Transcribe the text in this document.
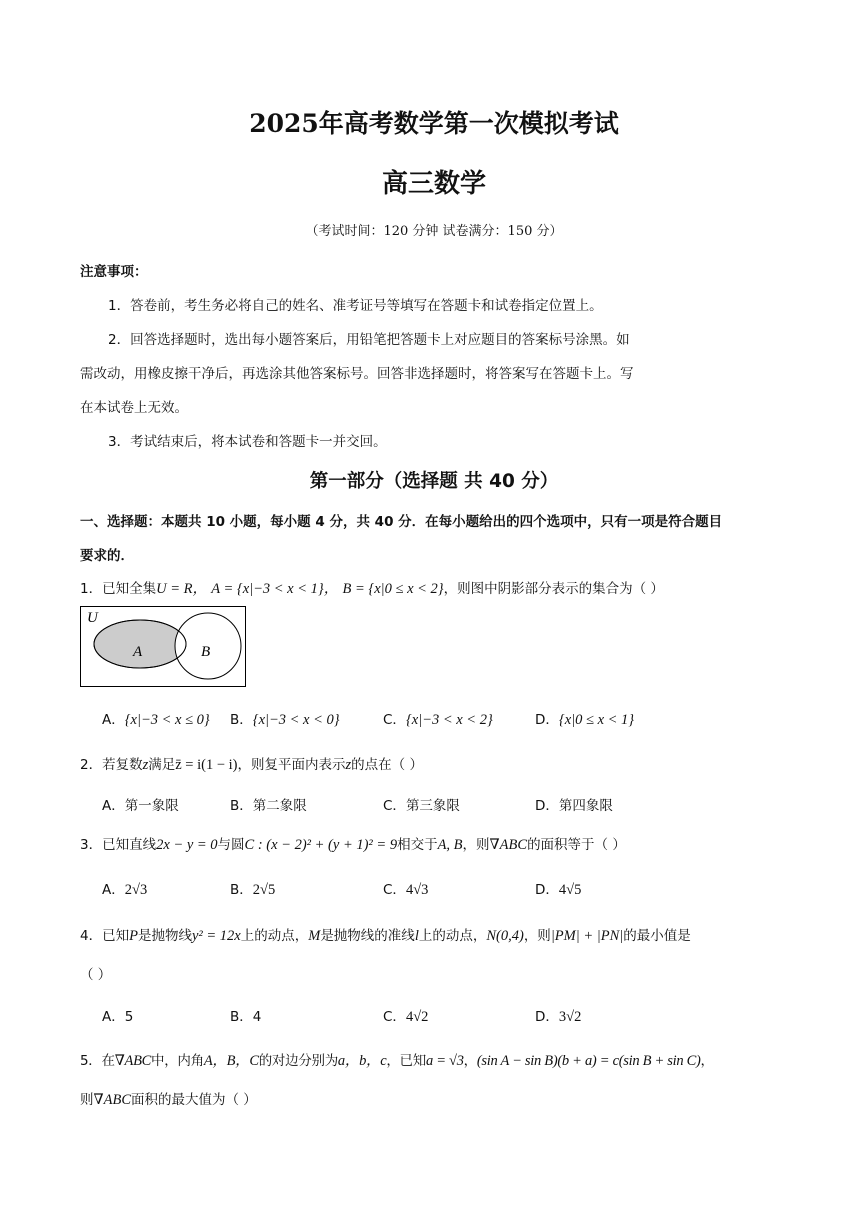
2025年高考数学第一次模拟考试
高三数学
（考试时间：120 分钟 试卷满分：150 分）
注意事项：
1．答卷前，考生务必将自己的姓名、准考证号等填写在答题卡和试卷指定位置上。
2．回答选择题时，选出每小题答案后，用铅笔把答题卡上对应题目的答案标号涂黑。如
需改动，用橡皮擦干净后，再选涂其他答案标号。回答非选择题时，将答案写在答题卡上。写
在本试卷上无效。
3．考试结束后，将本试卷和答题卡一并交回。
第一部分（选择题 共 40 分）
一、选择题：本题共 10 小题，每小题 4 分，共 40 分．在每小题给出的四个选项中，只有一项是符合题目
要求的．
1．已知全集U = R， A = {x|−3 < x < 1}， B = {x|0 ≤ x < 2}，则图中阴影部分表示的集合为（ ）
U
A	B
A．{x|−3 < x ≤ 0} B．{x|−3 < x < 0}	C．{x|−3 < x < 2}	D．{x|0 ≤ x < 1}
2．若复数z满足z̄ = i(1 − i)，则复平面内表示z的点在（ ）
A．第一象限	B．第二象限	C．第三象限	D．第四象限
3．已知直线2x − y = 0与圆C : (x − 2)² + (y + 1)² = 9相交于A, B，则∇ABC的面积等于（ ）
A．2√3	B．2√5	C．4√3	D．4√5
4．已知P是抛物线y² = 12x上的动点，M是抛物线的准线l上的动点，N(0,4)，则|PM| + |PN|的最小值是
（ ）
A．5	B．4	C．4√2	D．3√2
5．在∇ABC中，内角A，B，C的对边分别为a，b，c，已知a = √3，(sin A − sin B)(b + a) = c(sin B + sin C)，
则∇ABC面积的最大值为（ ）
